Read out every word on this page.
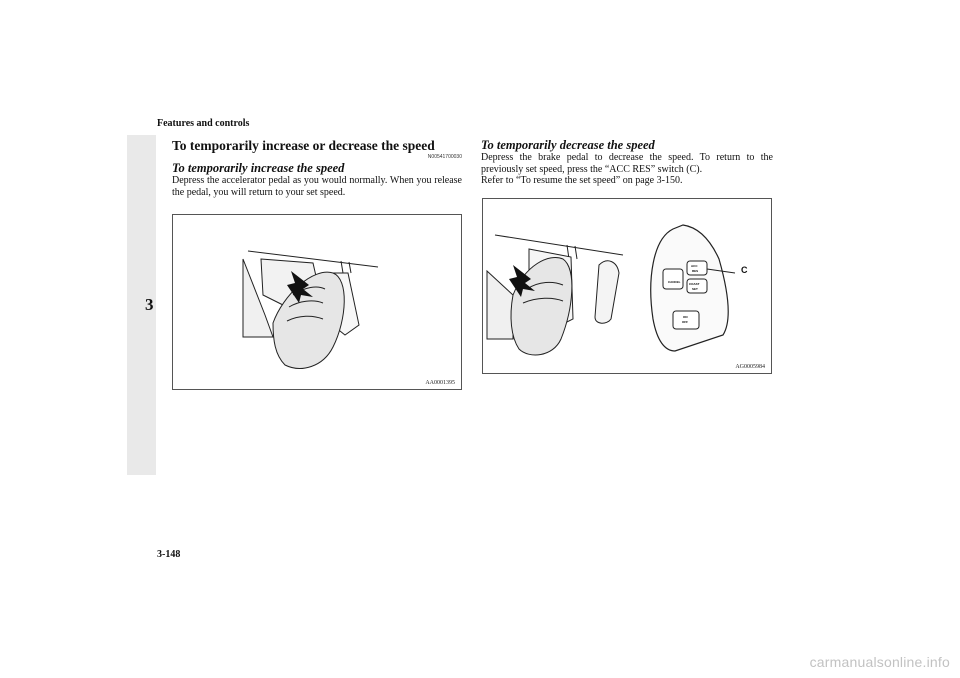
Features and controls
3

To temporarily increase or decrease the speed

N00541700030

To temporarily increase the speed

Depress the accelerator pedal as you would normally. When you release the pedal, you will return to your set speed.

AA0001395

To temporarily decrease the speed

Depress the brake pedal to decrease the speed. To return to the previously set speed, press the “ACC RES” switch (C).

Refer to “To resume the set speed” on page 3-150.

CANCEL
ACC
RES
COAST
SET
ON
OFF
C
AG0005984
3-148
carmanualsonline.info
